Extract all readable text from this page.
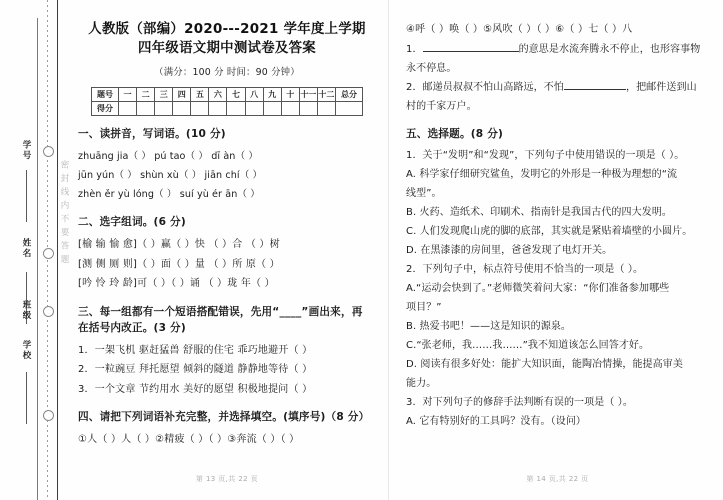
学号
姓名
班级
学校
密封线内不要答题
人教版（部编）2020---2021 学年度上学期
四年级语文期中测试卷及答案
（满分：100 分 时间：90 分钟）
题号	一	二	三	四	五	六	七	八	九	十	十一	十二	总分
得分													
一、读拼音，写词语。(10 分)
zhuāng jia（ ） pú tao（ ） dī àn（ ）
jūn yún（ ） shùn xù（ ） jiān chí（ ）
zhèn ěr yù lóng（ ） suí yù ér ān（ ）
二、选字组词。(6 分)
[榆 输 愉 愈]（ ）赢（ ）快 （ ）合 （ ）树
[测 侧 厕 则]（ ）面（ ）量 （ ）所 原（ ）
[吟 怜 玲 龄]可（ ）（ ）诵 （ ）珑 年（ ）
三、每一组都有一个短语搭配错误，先用“____”画出来，再
在括号内改正。(3 分)
1．一架飞机 驱赶猛兽 舒服的住宅 乖巧地避开（ ）
2．一粒豌豆 拜托愿望 倾斜的隧道 静静地等待（ ）
3．一个文章 节约用水 美好的愿望 积极地提问（ ）
四、请把下列词语补充完整，并选择填空。(填序号)（8 分）
①人（ ）人（ ）②精疲（ ）（ ）③奔流（ ）（ ）
第 13 页,共 22 页
④呼（ ）唤（ ）⑤风吹（ ）（ ）⑥（ ）七（ ）八
1．	的意思是水流奔腾永不停止，也形容事物
永不停息。
2．邮递员叔叔不怕山高路远，不怕	，把邮件送到山
村的千家万户。
五、选择题。(8 分)
1．关于“发明”和“发现”，下列句子中使用错误的一项是（ ）。
A. 科学家仔细研究鲨鱼，发明它的外形是一种极为理想的“流
线型”。
B. 火药、造纸术、印刷术、指南针是我国古代的四大发明。
C. 人们发现爬山虎的脚的底部，其实就是紧贴着墙壁的小圆片。
D. 在黑漆漆的房间里，爸爸发现了电灯开关。
2．下列句子中，标点符号使用不恰当的一项是（ ）。
A.“运动会快到了。”老师微笑着问大家：“你们准备参加哪些
项目？”
B. 热爱书吧！——这是知识的源泉。
C.“张老师，我……我……”我不知道该怎么回答才好。
D. 阅读有很多好处：能扩大知识面，能陶冶情操，能提高审美
能力。
3．对下列句子的修辞手法判断有误的一项是（ ）。
A. 它有特别好的工具吗？没有。（设问）
第 14 页,共 22 页
